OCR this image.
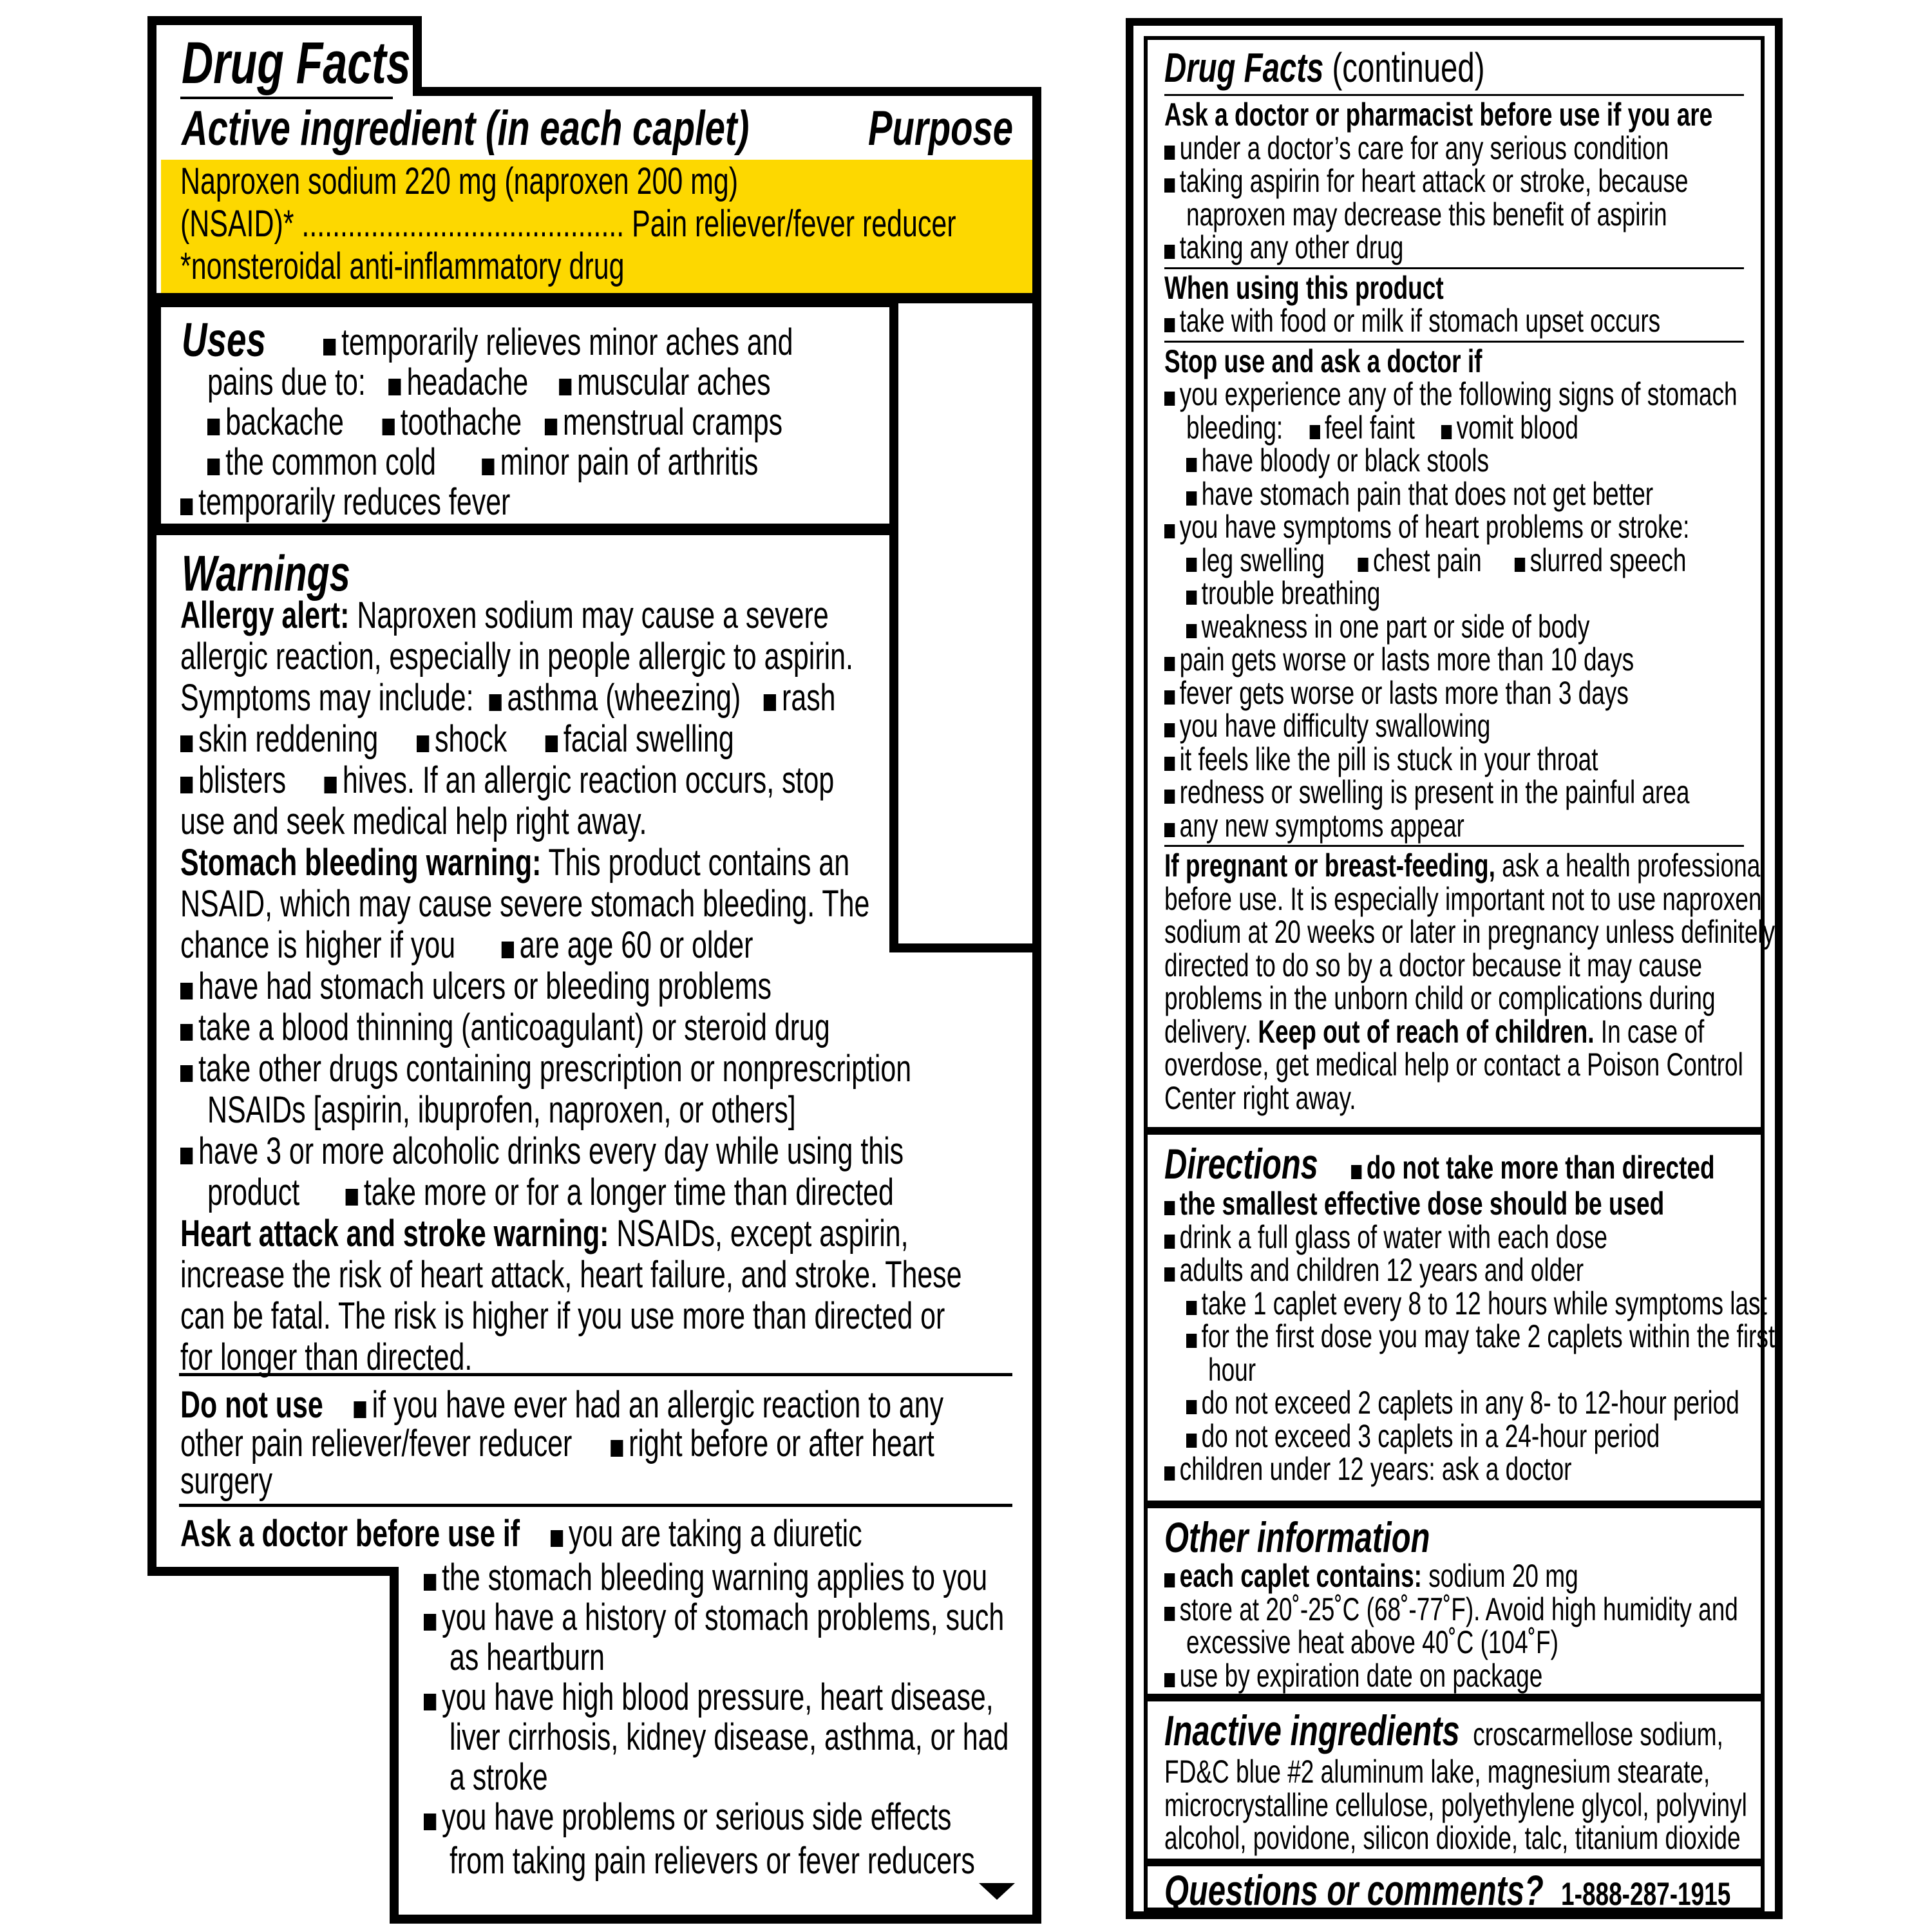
Drug Facts
Active ingredient (in each caplet) Purpose
Naproxen sodium 220 mg (naproxen 200 mg)
(NSAID)* .......................................... Pain reliever/fever reducer
*nonsteroidal anti-inflammatory drug
Uses	temporarily relieves minor aches and
pains due to: headache muscular aches
backache toothache menstrual cramps
the common cold minor pain of arthritis
temporarily reduces fever
Warnings
Allergy alert: Naproxen sodium may cause a severe
allergic reaction, especially in people allergic to aspirin.
Symptoms may include: asthma (wheezing) rash
skin reddening shock facial swelling
blisters hives. If an allergic reaction occurs, stop
use and seek medical help right away.
Stomach bleeding warning: This product contains an
NSAID, which may cause severe stomach bleeding. The
chance is higher if you are age 60 or older
have had stomach ulcers or bleeding problems
take a blood thinning (anticoagulant) or steroid drug
take other drugs containing prescription or nonprescription
NSAIDs [aspirin, ibuprofen, naproxen, or others]
have 3 or more alcoholic drinks every day while using this
product take more or for a longer time than directed
Heart attack and stroke warning: NSAIDs, except aspirin,
increase the risk of heart attack, heart failure, and stroke. These
can be fatal. The risk is higher if you use more than directed or
for longer than directed.
Do not use if you have ever had an allergic reaction to any
other pain reliever/fever reducer right before or after heart
surgery
Ask a doctor before use if you are taking a diuretic
the stomach bleeding warning applies to you
you have a history of stomach problems, such
as heartburn
you have high blood pressure, heart disease,
liver cirrhosis, kidney disease, asthma, or had
a stroke
you have problems or serious side effects
from taking pain relievers or fever reducers
Drug Facts (continued)
Ask a doctor or pharmacist before use if you are
under a doctor’s care for any serious condition
taking aspirin for heart attack or stroke, because
naproxen may decrease this benefit of aspirin
taking any other drug
When using this product
take with food or milk if stomach upset occurs
Stop use and ask a doctor if
you experience any of the following signs of stomach
bleeding: feel faint vomit blood
have bloody or black stools
have stomach pain that does not get better
you have symptoms of heart problems or stroke:
leg swelling chest pain slurred speech
trouble breathing
weakness in one part or side of body
pain gets worse or lasts more than 10 days
fever gets worse or lasts more than 3 days
you have difficulty swallowing
it feels like the pill is stuck in your throat
redness or swelling is present in the painful area
any new symptoms appear
If pregnant or breast-feeding, ask a health professional
before use. It is especially important not to use naproxen
sodium at 20 weeks or later in pregnancy unless definitely
directed to do so by a doctor because it may cause
problems in the unborn child or complications during
delivery. Keep out of reach of children. In case of
overdose, get medical help or contact a Poison Control
Center right away.
Directions do not take more than directed
the smallest effective dose should be used
drink a full glass of water with each dose
adults and children 12 years and older
take 1 caplet every 8 to 12 hours while symptoms last
for the first dose you may take 2 caplets within the first
hour
do not exceed 2 caplets in any 8- to 12-hour period
do not exceed 3 caplets in a 24-hour period
children under 12 years: ask a doctor
Other information
each caplet contains: sodium 20 mg
store at 20˚-25˚C (68˚-77˚F). Avoid high humidity and
excessive heat above 40˚C (104˚F)
use by expiration date on package
Inactive ingredients croscarmellose sodium,
FD&C blue #2 aluminum lake, magnesium stearate,
microcrystalline cellulose, polyethylene glycol, polyvinyl
alcohol, povidone, silicon dioxide, talc, titanium dioxide
Questions or comments? 1-888-287-1915
